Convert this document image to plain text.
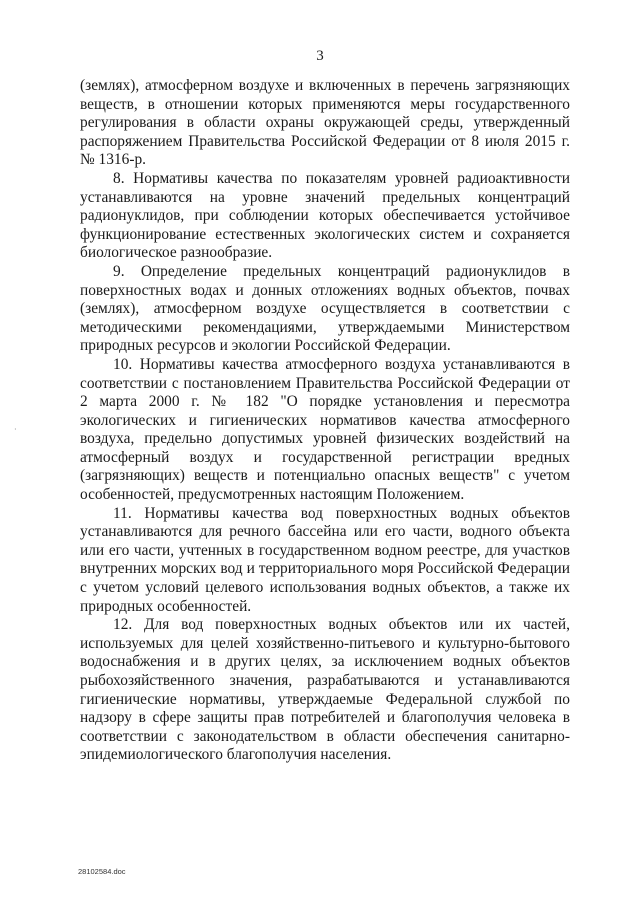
3
·

(землях), атмосферном воздухе и включенных в перечень загрязняющих веществ, в отношении которых применяются меры государственного регулирования в области охраны окружающей среды, утвержденный распоряжением Правительства Российской Федерации от 8 июля 2015 г. № 1316-р.

8. Нормативы качества по показателям уровней радиоактивности устанавливаются на уровне значений предельных концентраций радионуклидов, при соблюдении которых обеспечивается устойчивое функционирование естественных экологических систем и сохраняется биологическое разнообразие.

9. Определение предельных концентраций радионуклидов в поверхностных водах и донных отложениях водных объектов, почвах (землях), атмосферном воздухе осуществляется в соответствии с методическими рекомендациями, утверждаемыми Министерством природных ресурсов и экологии Российской Федерации.

10. Нормативы качества атмосферного воздуха устанавливаются в соответствии с постановлением Правительства Российской Федерации от 2 марта 2000 г. № 182 "О порядке установления и пересмотра экологических и гигиенических нормативов качества атмосферного воздуха, предельно допустимых уровней физических воздействий на атмосферный воздух и государственной регистрации вредных (загрязняющих) веществ и потенциально опасных веществ" с учетом особенностей, предусмотренных настоящим Положением.

11. Нормативы качества вод поверхностных водных объектов устанавливаются для речного бассейна или его части, водного объекта или его части, учтенных в государственном водном реестре, для участков внутренних морских вод и территориального моря Российской Федерации с учетом условий целевого использования водных объектов, а также их природных особенностей.

12. Для вод поверхностных водных объектов или их частей, используемых для целей хозяйственно-питьевого и культурно-бытового водоснабжения и в других целях, за исключением водных объектов рыбохозяйственного значения, разрабатываются и устанавливаются гигиенические нормативы, утверждаемые Федеральной службой по надзору в сфере защиты прав потребителей и благополучия человека в соответствии с законодательством в области обеспечения санитарно-эпидемиологического благополучия населения.

28102584.doc
